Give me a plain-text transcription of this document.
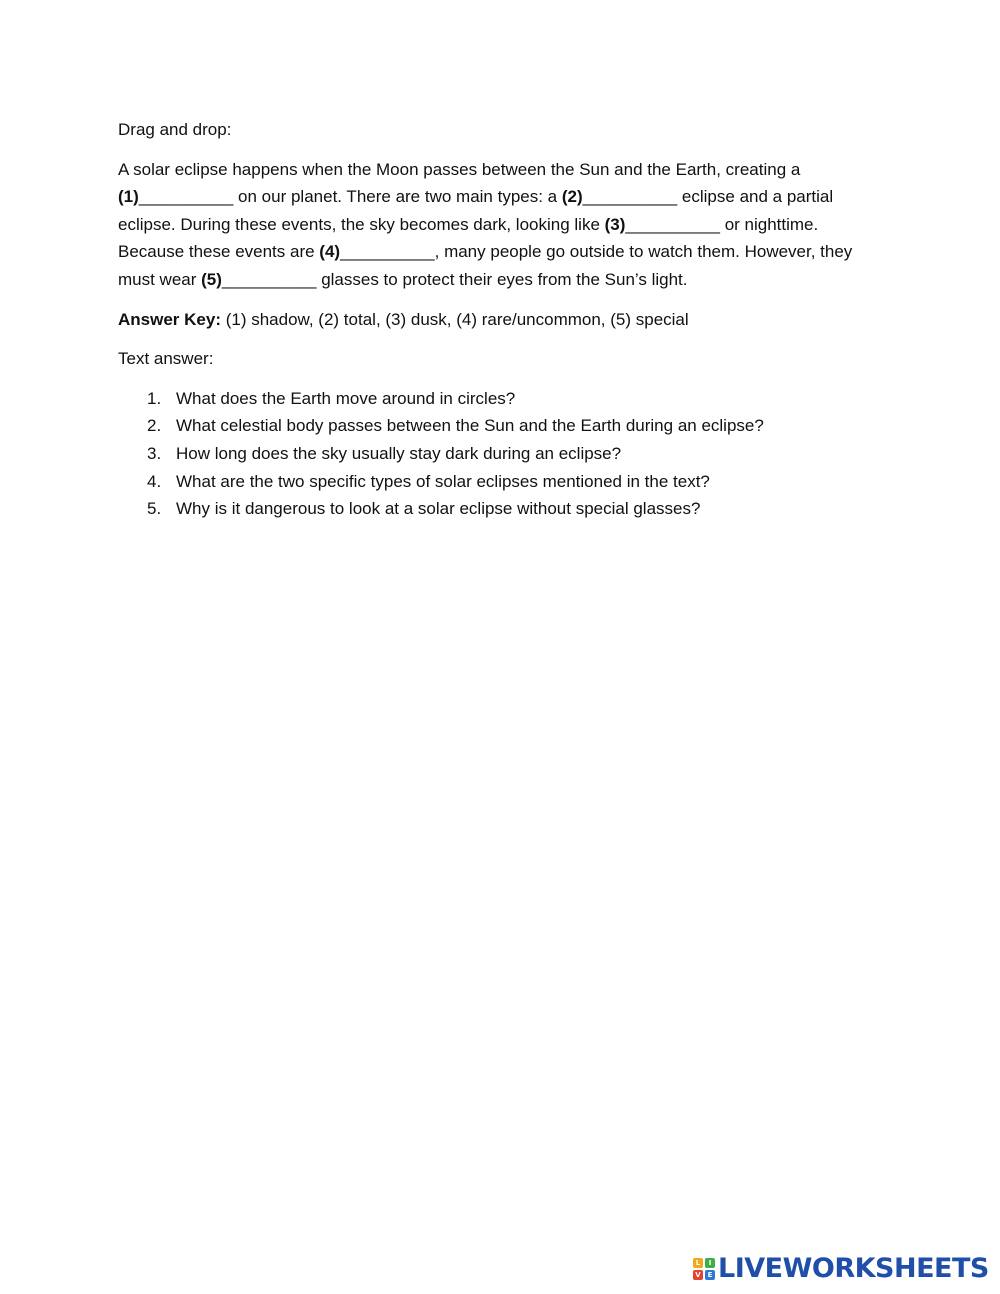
Drag and drop:

A solar eclipse happens when the Moon passes between the Sun and the Earth, creating a (1)__________ on our planet. There are two main types: a (2)__________ eclipse and a partial eclipse. During these events, the sky becomes dark, looking like (3)__________ or nighttime. Because these events are (4)__________, many people go outside to watch them. However, they must wear (5)__________ glasses to protect their eyes from the Sun’s light.

Answer Key: (1) shadow, (2) total, (3) dusk, (4) rare/uncommon, (5) special

Text answer:

1. What does the Earth move around in circles?
2. What celestial body passes between the Sun and the Earth during an eclipse?
3. How long does the sky usually stay dark during an eclipse?
4. What are the two specific types of solar eclipses mentioned in the text?
5. Why is it dangerous to look at a solar eclipse without special glasses?
L	I
V E LIVEWORKSHEETS
